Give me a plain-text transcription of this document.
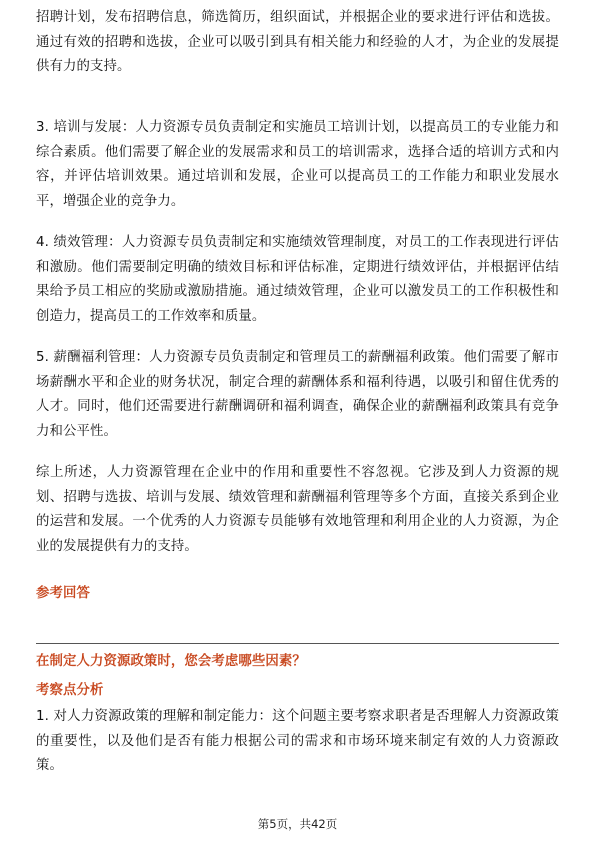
招聘计划，发布招聘信息，筛选简历，组织面试，并根据企业的要求进行评估和选拔。通过有效的招聘和选拔，企业可以吸引到具有相关能力和经验的人才，为企业的发展提供有力的支持。

3. 培训与发展：人力资源专员负责制定和实施员工培训计划，以提高员工的专业能力和综合素质。他们需要了解企业的发展需求和员工的培训需求，选择合适的培训方式和内容，并评估培训效果。通过培训和发展，企业可以提高员工的工作能力和职业发展水平，增强企业的竞争力。

4. 绩效管理：人力资源专员负责制定和实施绩效管理制度，对员工的工作表现进行评估和激励。他们需要制定明确的绩效目标和评估标准，定期进行绩效评估，并根据评估结果给予员工相应的奖励或激励措施。通过绩效管理，企业可以激发员工的工作积极性和创造力，提高员工的工作效率和质量。

5. 薪酬福利管理：人力资源专员负责制定和管理员工的薪酬福利政策。他们需要了解市场薪酬水平和企业的财务状况，制定合理的薪酬体系和福利待遇，以吸引和留住优秀的人才。同时，他们还需要进行薪酬调研和福利调查，确保企业的薪酬福利政策具有竞争力和公平性。

综上所述，人力资源管理在企业中的作用和重要性不容忽视。它涉及到人力资源的规划、招聘与选拔、培训与发展、绩效管理和薪酬福利管理等多个方面，直接关系到企业的运营和发展。一个优秀的人力资源专员能够有效地管理和利用企业的人力资源，为企业的发展提供有力的支持。

参考回答

在制定人力资源政策时，您会考虑哪些因素？

考察点分析

1. 对人力资源政策的理解和制定能力：这个问题主要考察求职者是否理解人力资源政策的重要性，以及他们是否有能力根据公司的需求和市场环境来制定有效的人力资源政策。

第5页，共42页
